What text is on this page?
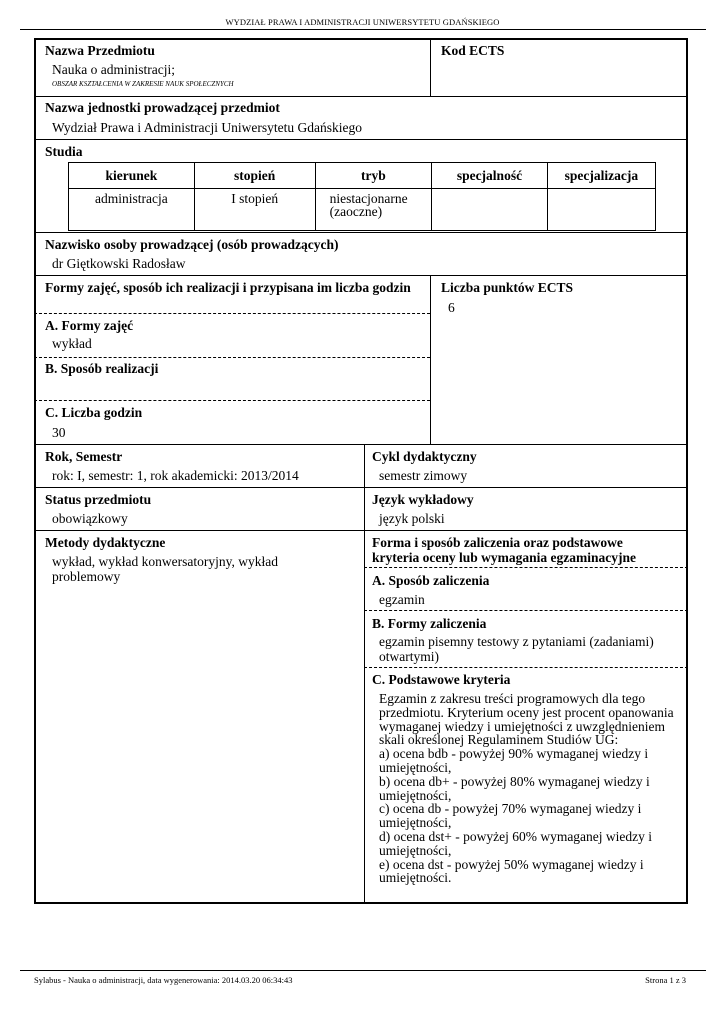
WYDZIAŁ PRAWA I ADMINISTRACJI UNIWERSYTETU GDAŃSKIEGO
Nazwa Przedmiotu
Nauka o administracji;
OBSZAR KSZTAŁCENIA W ZAKRESIE NAUK SPOŁECZNYCH
Kod ECTS
Nazwa jednostki prowadzącej przedmiot
Wydział Prawa i Administracji Uniwersytetu Gdańskiego
Studia
kierunek	stopień	tryb	specjalność	specjalizacja
administracja	I stopień	niestacjonarne (zaoczne)		
Nazwisko osoby prowadzącej (osób prowadzących)
dr Giętkowski Radosław
Formy zajęć, sposób ich realizacji i przypisana im liczba godzin
A. Formy zajęć
wykład
B. Sposób realizacji
C. Liczba godzin
30
Liczba punktów ECTS
6
Rok, Semestr
rok: I, semestr: 1, rok akademicki: 2013/2014
Cykl dydaktyczny
semestr zimowy
Status przedmiotu
obowiązkowy
Język wykładowy
język polski
Metody dydaktyczne
wykład, wykład konwersatoryjny, wykład problemowy
Forma i sposób zaliczenia oraz podstawowe kryteria oceny lub wymagania egzaminacyjne
A. Sposób zaliczenia
egzamin
B. Formy zaliczenia
egzamin pisemny testowy z pytaniami (zadaniami) otwartymi)
C. Podstawowe kryteria
Egzamin z zakresu treści programowych dla tego przedmiotu. Kryterium oceny jest procent opanowania wymaganej wiedzy i umiejętności z uwzględnieniem skali określonej Regulaminem Studiów UG:
a) ocena bdb - powyżej 90% wymaganej wiedzy i umiejętności,
b) ocena db+ - powyżej 80% wymaganej wiedzy i umiejętności,
c) ocena db - powyżej 70% wymaganej wiedzy i umiejętności,
d) ocena dst+ - powyżej 60% wymaganej wiedzy i umiejętności,
e) ocena dst - powyżej 50% wymaganej wiedzy i umiejętności.
Sylabus - Nauka o administracji, data wygenerowania: 2014.03.20 06:34:43	Strona 1 z 3
